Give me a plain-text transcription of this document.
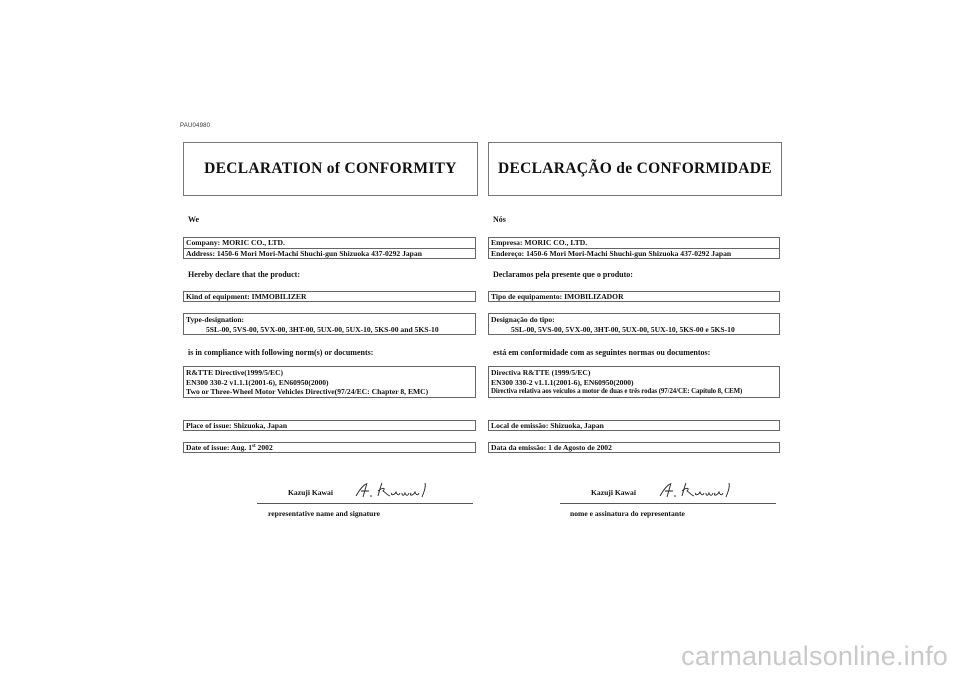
PAU04980
DECLARATION of CONFORMITY
We
Company: MORIC CO., LTD.
Address: 1450-6 Mori Mori-Machi Shuchi-gun Shizuoka 437-0292 Japan
Hereby declare that the product:
Kind of equipment: IMMOBILIZER
Type-designation:
5SL-00, 5VS-00, 5VX-00, 3HT-00, 5UX-00, 5UX-10, 5KS-00 and 5KS-10
is in compliance with following norm(s) or documents:
R&TTE Directive(1999/5/EC)
EN300 330-2 v1.1.1(2001-6), EN60950(2000)
Two or Three-Wheel Motor Vehicles Directive(97/24/EC: Chapter 8, EMC)
Place of issue: Shizuoka, Japan
Date of issue: Aug. 1st 2002
Kazuji Kawai
representative name and signature
DECLARAÇÃO de CONFORMIDADE
Nós
Empresa: MORIC CO., LTD.
Endereço: 1450-6 Mori Mori-Machi Shuchi-gun Shizuoka 437-0292 Japan
Declaramos pela presente que o produto:
Tipo de equipamento: IMOBILIZADOR
Designação do tipo:
5SL-00, 5VS-00, 5VX-00, 3HT-00, 5UX-00, 5UX-10, 5KS-00 e 5KS-10
está em conformidade com as seguintes normas ou documentos:
Directiva R&TTE (1999/5/EC)
EN300 330-2 v1.1.1(2001-6), EN60950(2000)
Directiva relativa aos veículos a motor de duas e três rodas (97/24/CE: Capítulo 8, CEM)
Local de emissão: Shizuoka, Japan
Data da emissão: 1 de Agosto de 2002
Kazuji Kawai
nome e assinatura do representante
carmanualsonline.info
